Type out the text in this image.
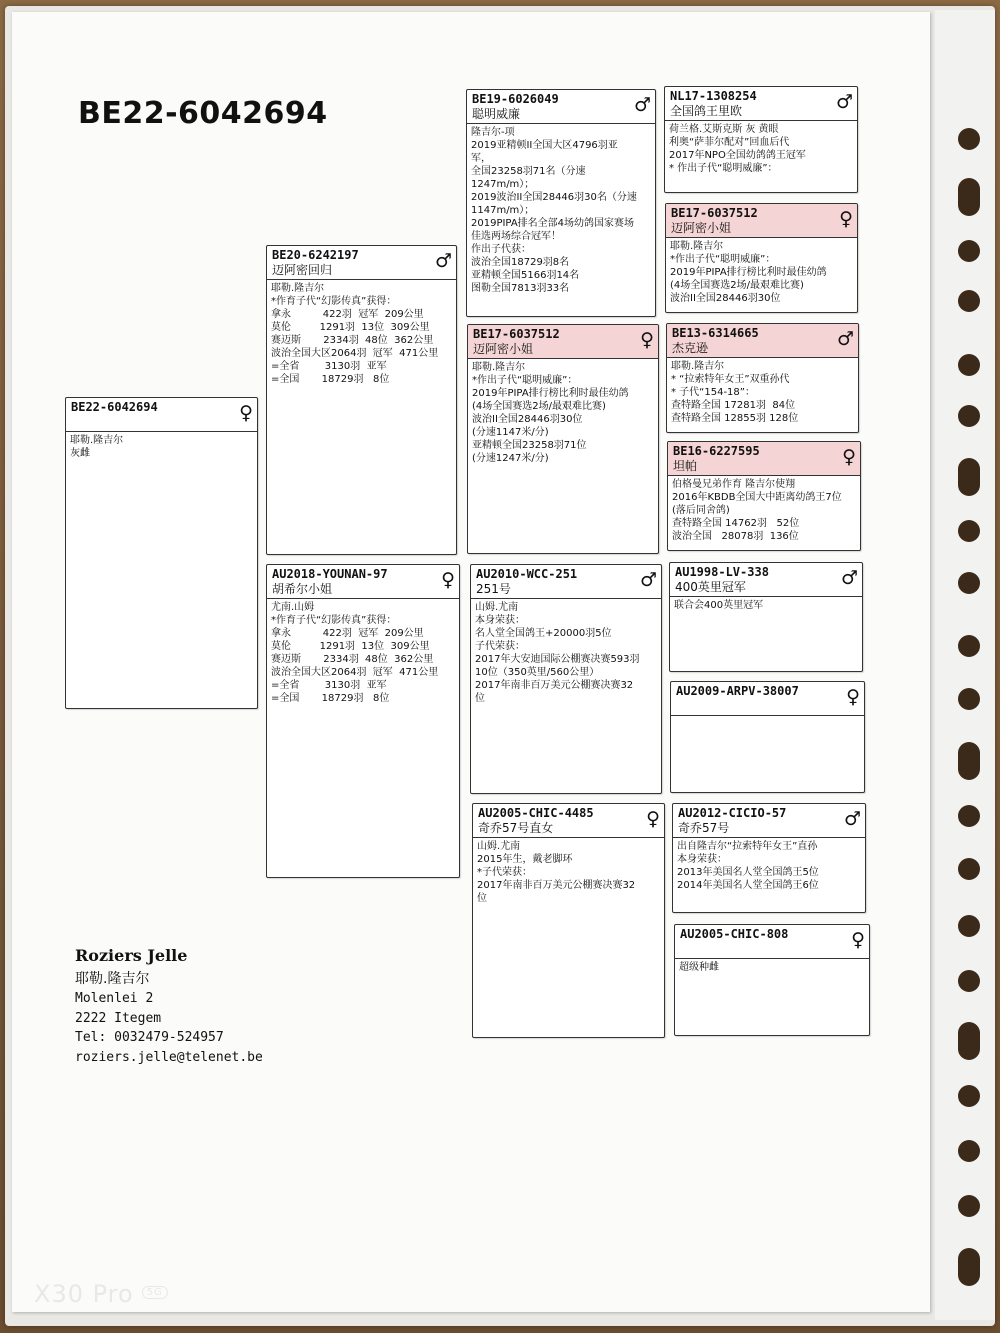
BE22-6042694
BE22-6042694	♀
耶勒.隆吉尔
灰雌
BE20-6242197
迈阿密回归	♂
耶勒.隆吉尔
*作育子代“幻影传真”获得：
拿永          422羽  冠军  209公里
莫伦         1291羽  13位  309公里
赛迈斯       2334羽  48位  362公里
波治全国大区2064羽  冠军  471公里
=全省        3130羽  亚军
=全国       18729羽   8位
AU2018-YOUNAN-97
胡希尔小姐	♀
尤南.山姆
*作育子代“幻影传真”获得：
拿永          422羽  冠军  209公里
莫伦         1291羽  13位  309公里
赛迈斯       2334羽  48位  362公里
波治全国大区2064羽  冠军  471公里
=全省        3130羽  亚军
=全国       18729羽   8位
BE19-6026049
聪明威廉	♂
隆吉尔-项
2019亚精顿II全国大区4796羽亚
军，
全国23258羽71名（分速
1247m/m）；
2019波治II全国28446羽30名（分速
1147m/m）；
2019PIPA排名全部4场幼鸽国家赛场
佳选两场综合冠军！
作出子代获：
波治全国18729羽8名
亚精顿全国5166羽14名
图勒全国7813羽33名
BE17-6037512
迈阿密小姐	♀
耶勒.隆吉尔
*作出子代“聪明威廉”：
2019年PIPA排行榜比利时最佳幼鸽
(4场全国赛选2场/最艰难比赛)
波治II全国28446羽30位
(分速1147米/分)
亚精顿全国23258羽71位
(分速1247米/分)
AU2010-WCC-251
251号	♂
山姆.尤南
本身荣获：
名人堂全国鸽王+20000羽5位
子代荣获：
2017年大安迪国际公棚赛决赛593羽
10位（350英里/560公里）
2017年南非百万美元公棚赛决赛32
位
AU2005-CHIC-4485
奇乔57号直女	♀
山姆.尤南
2015年生，戴老脚环
*子代荣获：
2017年南非百万美元公棚赛决赛32
位
NL17-1308254
全国鸽王里欧	♂
荷兰格.艾斯克斯 灰 黄眼
利奥“萨菲尔配对”回血后代
2017年NPO全国幼鸽鸽王冠军
* 作出子代“聪明威廉”：
BE17-6037512
迈阿密小姐	♀
耶勒.隆吉尔
*作出子代“聪明威廉”：
2019年PIPA排行榜比利时最佳幼鸽
(4场全国赛选2场/最艰难比赛)
波治II全国28446羽30位
BE13-6314665
杰克逊	♂
耶勒.隆吉尔
* “拉索特年女王”双重孙代
* 子代“154-18”：
查特路全国 17281羽  84位
查特路全国 12855羽 128位
BE16-6227595
坦帕	♀
伯格曼兄弟作育 隆吉尔使翔
2016年KBDB全国大中距离幼鸽王7位
(落后同舍鸽)
查特路全国 14762羽   52位
波治全国   28078羽  136位
AU1998-LV-338
400英里冠军	♂
联合会400英里冠军
AU2009-ARPV-38007	♀
AU2012-CICIO-57
奇乔57号	♂
出自隆吉尔“拉索特年女王”直孙
本身荣获：
2013年美国名人堂全国鸽王5位
2014年美国名人堂全国鸽王6位
AU2005-CHIC-808	♀
超级种雌
Roziers Jelle
耶勒.隆吉尔
Molenlei 2
2222 Itegem
Tel: 0032479-524957
roziers.jelle@telenet.be
X30 Pro 5G
